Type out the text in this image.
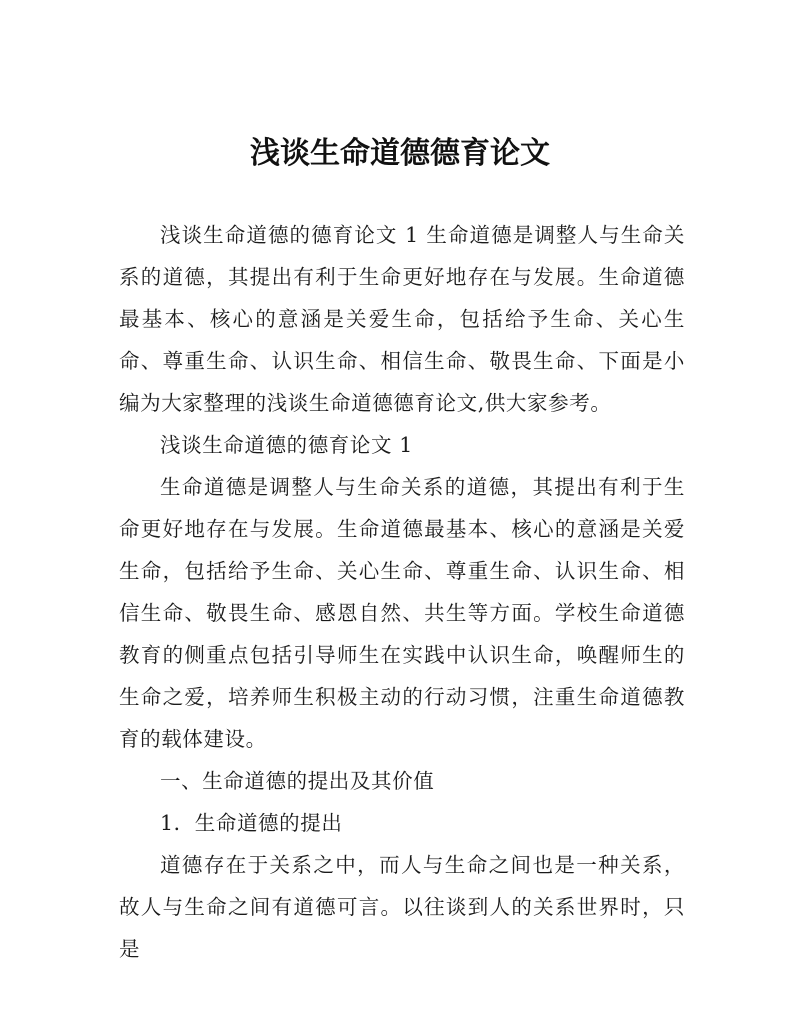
浅谈生命道德德育论文

浅谈生命道德的德育论文 1 生命道德是调整人与生命关系的道德，其提出有利于生命更好地存在与发展。生命道德最基本、核心的意涵是关爱生命，包括给予生命、关心生命、尊重生命、认识生命、相信生命、敬畏生命、下面是小编为大家整理的浅谈生命道德德育论文,供大家参考。

浅谈生命道德的德育论文 1

生命道德是调整人与生命关系的道德，其提出有利于生命更好地存在与发展。生命道德最基本、核心的意涵是关爱生命，包括给予生命、关心生命、尊重生命、认识生命、相信生命、敬畏生命、感恩自然、共生等方面。学校生命道德教育的侧重点包括引导师生在实践中认识生命，唤醒师生的生命之爱，培养师生积极主动的行动习惯，注重生命道德教育的载体建设。

一、生命道德的提出及其价值

1．生命道德的提出

道德存在于关系之中，而人与生命之间也是一种关系，故人与生命之间有道德可言。以往谈到人的关系世界时，只是
